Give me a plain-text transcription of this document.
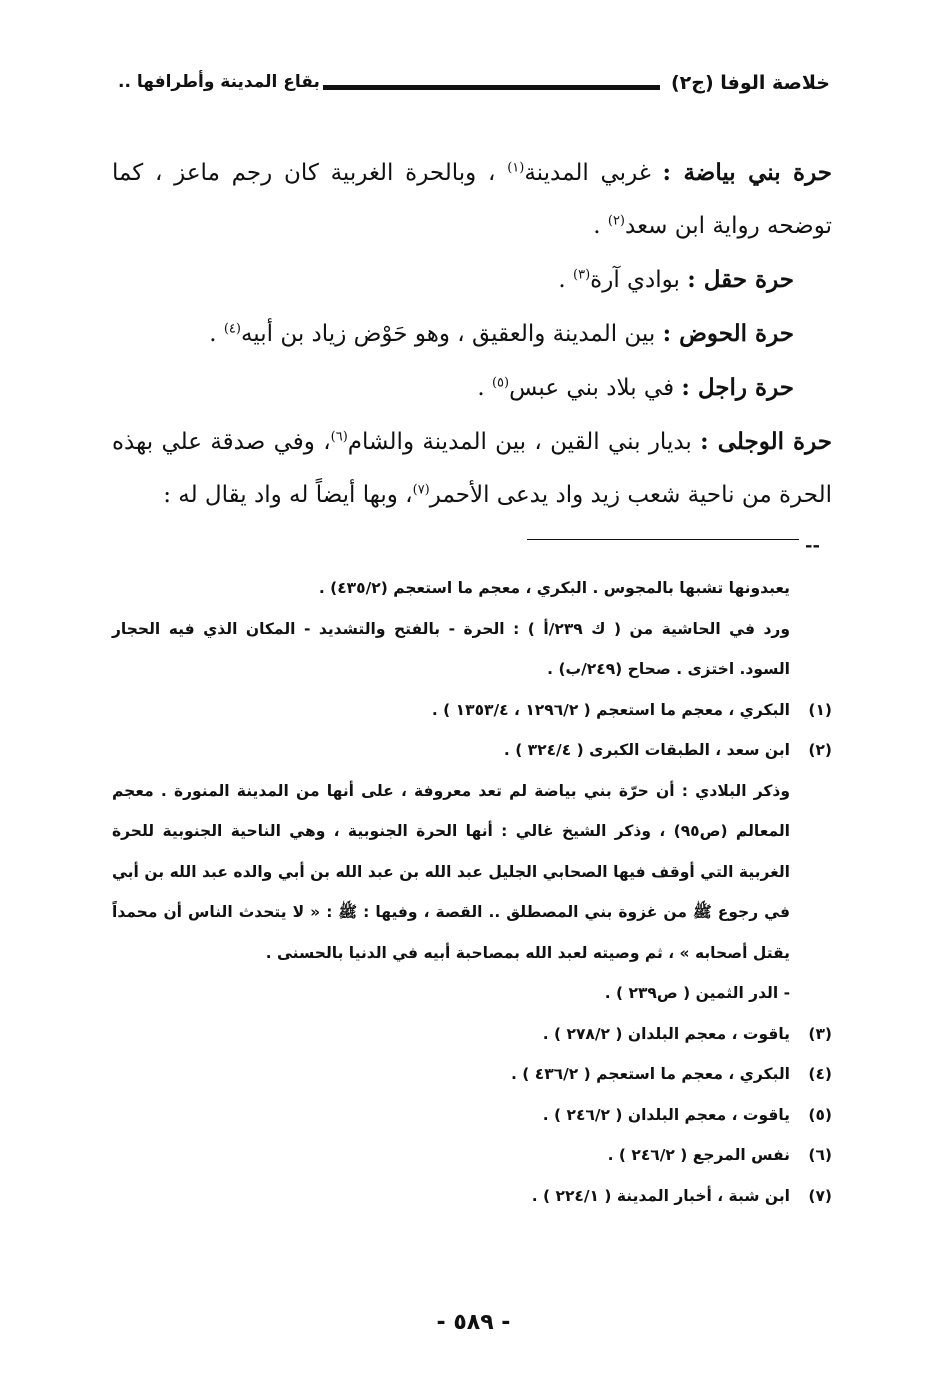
خلاصة الوفا (ج٢)
بقاع المدينة وأطرافها ..

حرة بني بياضة : غربي المدينة$^{(١)}$ ، وبالحرة الغربية كان رجم ماعز ، كما توضحه رواية ابن سعد$^{(٢)}$ .

حرة حقل : بوادي آرة$^{(٣)}$ .

حرة الحوض : بين المدينة والعقيق ، وهو حَوْض زياد بن أبيه$^{(٤)}$ .

حرة راجل : في بلاد بني عبس$^{(٥)}$ .

حرة الوجلى : بديار بني القين ، بين المدينة والشام$^{(٦)}$، وفي صدقة علي بهذه الحرة من ناحية شعب زيد واد يدعى الأحمر$^{(٧)}$، وبها أيضاً له واد يقال له :

--

يعبدونها تشبها بالمجوس . البكري ، معجم ما استعجم (٤٣٥/٢) .

ورد في الحاشية من ( ك ٢٣٩/أ ) : الحرة - بالفتح والتشديد - المكان الذي فيه الحجار السود. اختزى . صحاح (٢٤٩/ب) .

(١)البكري ، معجم ما استعجم ( ١٢٩٦/٢ ، ١٣٥٣/٤ ) .

(٢)ابن سعد ، الطبقات الكبرى ( ٣٢٤/٤ ) .

وذكر البلادي : أن حرّة بني بياضة لم تعد معروفة ، على أنها من المدينة المنورة . معجم المعالم (ص٩٥) ، وذكر الشيخ غالي : أنها الحرة الجنوبية ، وهي الناحية الجنوبية للحرة الغربية التي أوقف فيها الصحابي الجليل عبد الله بن عبد الله بن أبي والده عبد الله بن أبي في رجوع ﷺ من غزوة بني المصطلق .. القصة ، وفيها : ﷺ : « لا يتحدث الناس أن محمداً يقتل أصحابه » ، ثم وصيته لعبد الله بمصاحبة أبيه في الدنيا بالحسنى .

- الدر الثمين ( ص٢٣٩ ) .

(٣)ياقوت ، معجم البلدان ( ٢٧٨/٢ ) .

(٤)البكري ، معجم ما استعجم ( ٤٣٦/٢ ) .

(٥)ياقوت ، معجم البلدان ( ٢٤٦/٢ ) .

(٦)نفس المرجع ( ٢٤٦/٢ ) .

(٧)ابن شبة ، أخبار المدينة ( ٢٢٤/١ ) .

- ٥٨٩ -
